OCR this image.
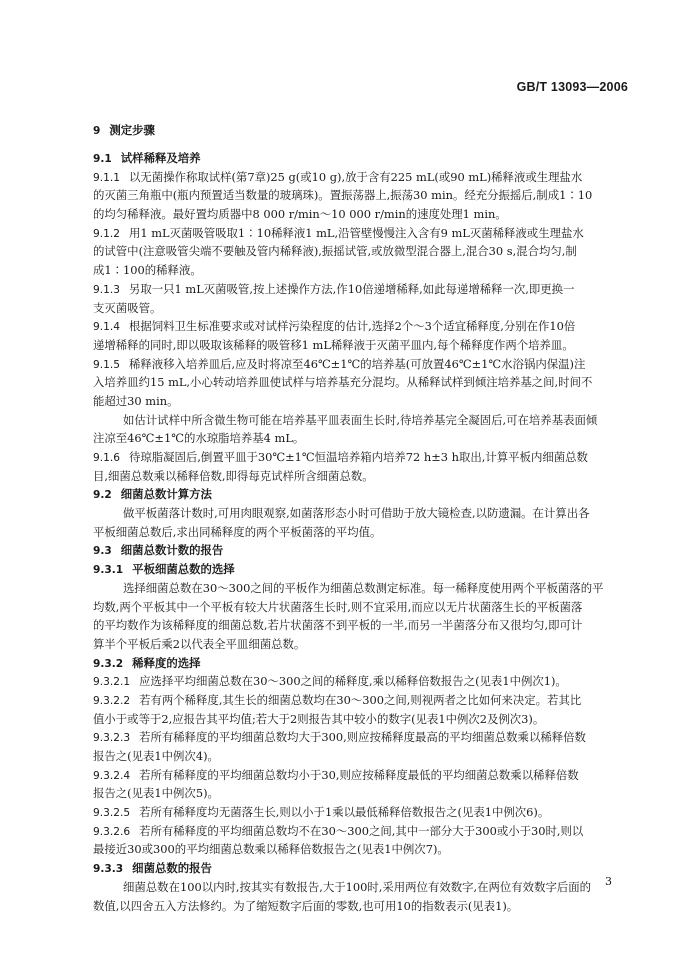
GB/T 13093—2006
9 测定步骤
9.1 试样稀释及培养
9.1.1 以无菌操作称取试样(第7章)25 g(或10 g),放于含有225 mL(或90 mL)稀释液或生理盐水
的灭菌三角瓶中(瓶内预置适当数量的玻璃珠)。置振荡器上,振荡30 min。经充分振摇后,制成1∶10
的均匀稀释液。最好置均质器中8 000 r/min～10 000 r/min的速度处理1 min。
9.1.2 用1 mL灭菌吸管吸取1∶10稀释液1 mL,沿管壁慢慢注入含有9 mL灭菌稀释液或生理盐水
的试管中(注意吸管尖端不要触及管内稀释液),振摇试管,或放微型混合器上,混合30 s,混合均匀,制
成1∶100的稀释液。
9.1.3 另取一只1 mL灭菌吸管,按上述操作方法,作10倍递增稀释,如此每递增稀释一次,即更换一
支灭菌吸管。
9.1.4 根据饲料卫生标准要求或对试样污染程度的估计,选择2个～3个适宜稀释度,分别在作10倍
递增稀释的同时,即以吸取该稀释的吸管移1 mL稀释液于灭菌平皿内,每个稀释度作两个培养皿。
9.1.5 稀释液移入培养皿后,应及时将凉至46℃±1℃的培养基(可放置46℃±1℃水浴锅内保温)注
入培养皿约15 mL,小心转动培养皿使试样与培养基充分混均。从稀释试样到倾注培养基之间,时间不
能超过30 min。
如估计试样中所含微生物可能在培养基平皿表面生长时,待培养基完全凝固后,可在培养基表面倾
注凉至46℃±1℃的水琼脂培养基4 mL。
9.1.6 待琼脂凝固后,倒置平皿于30℃±1℃恒温培养箱内培养72 h±3 h取出,计算平板内细菌总数
目,细菌总数乘以稀释倍数,即得每克试样所含细菌总数。
9.2 细菌总数计算方法
做平板菌落计数时,可用肉眼观察,如菌落形态小时可借助于放大镜检查,以防遗漏。在计算出各
平板细菌总数后,求出同稀释度的两个平板菌落的平均值。
9.3 细菌总数计数的报告
9.3.1 平板细菌总数的选择
选择细菌总数在30～300之间的平板作为细菌总数测定标准。每一稀释度使用两个平板菌落的平
均数,两个平板其中一个平板有较大片状菌落生长时,则不宜采用,而应以无片状菌落生长的平板菌落
的平均数作为该稀释度的细菌总数,若片状菌落不到平板的一半,而另一半菌落分布又很均匀,即可计
算半个平板后乘2以代表全平皿细菌总数。
9.3.2 稀释度的选择
9.3.2.1 应选择平均细菌总数在30～300之间的稀释度,乘以稀释倍数报告之(见表1中例次1)。
9.3.2.2 若有两个稀释度,其生长的细菌总数均在30～300之间,则视两者之比如何来决定。若其比
值小于或等于2,应报告其平均值;若大于2则报告其中较小的数字(见表1中例次2及例次3)。
9.3.2.3 若所有稀释度的平均细菌总数均大于300,则应按稀释度最高的平均细菌总数乘以稀释倍数
报告之(见表1中例次4)。
9.3.2.4 若所有稀释度的平均细菌总数均小于30,则应按稀释度最低的平均细菌总数乘以稀释倍数
报告之(见表1中例次5)。
9.3.2.5 若所有稀释度均无菌落生长,则以小于1乘以最低稀释倍数报告之(见表1中例次6)。
9.3.2.6 若所有稀释度的平均细菌总数均不在30～300之间,其中一部分大于300或小于30时,则以
最接近30或300的平均细菌总数乘以稀释倍数报告之(见表1中例次7)。
9.3.3 细菌总数的报告
细菌总数在100以内时,按其实有数报告,大于100时,采用两位有效数字,在两位有效数字后面的
数值,以四舍五入方法修约。为了缩短数字后面的零数,也可用10的指数表示(见表1)。
3
